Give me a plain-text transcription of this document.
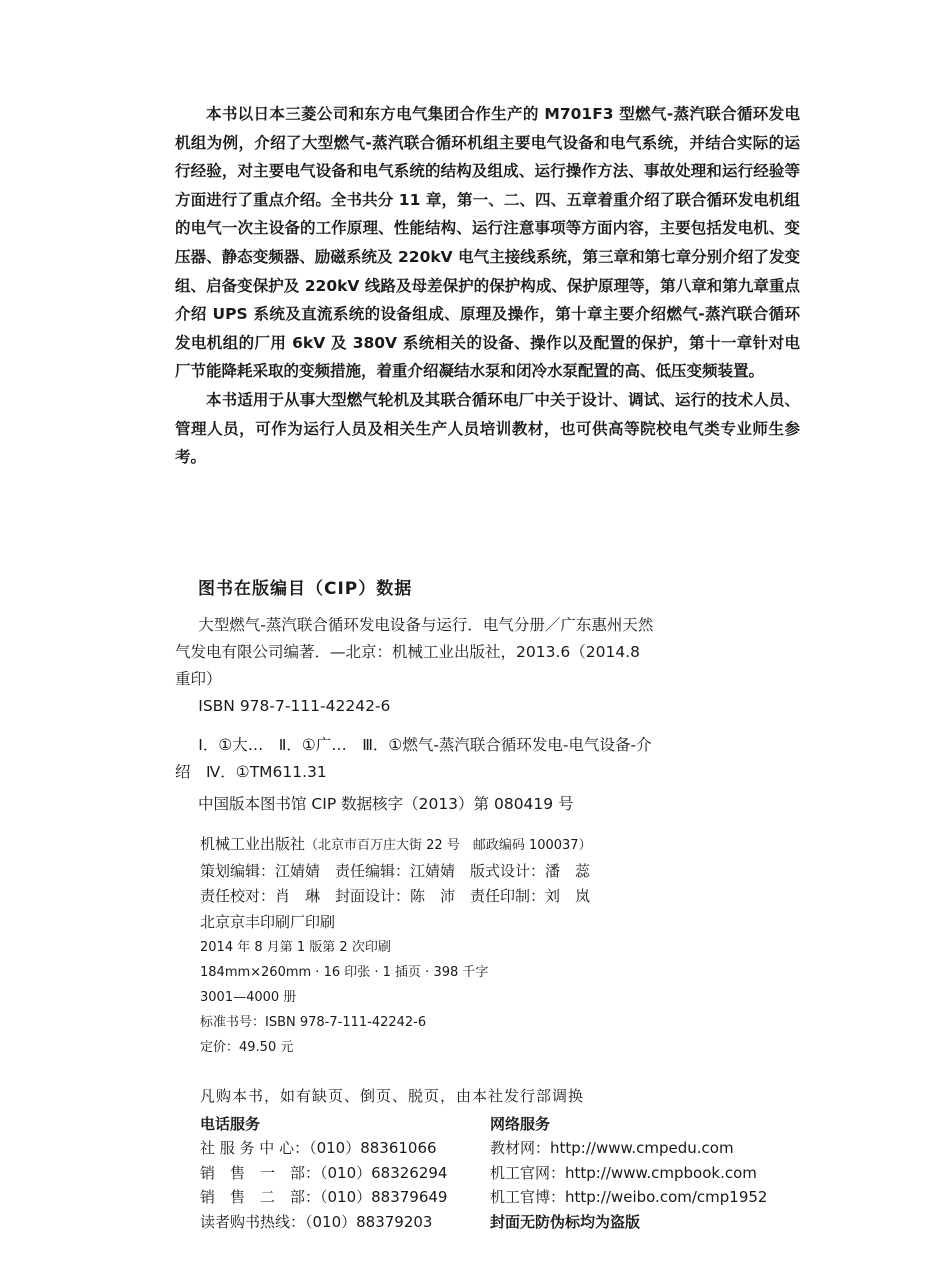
本书以日本三菱公司和东方电气集团合作生产的 M701F3 型燃气-蒸汽联合循环发电机组为例，介绍了大型燃气-蒸汽联合循环机组主要电气设备和电气系统，并结合实际的运行经验，对主要电气设备和电气系统的结构及组成、运行操作方法、事故处理和运行经验等方面进行了重点介绍。全书共分 11 章，第一、二、四、五章着重介绍了联合循环发电机组的电气一次主设备的工作原理、性能结构、运行注意事项等方面内容，主要包括发电机、变压器、静态变频器、励磁系统及 220kV 电气主接线系统，第三章和第七章分别介绍了发变组、启备变保护及 220kV 线路及母差保护的保护构成、保护原理等，第八章和第九章重点介绍 UPS 系统及直流系统的设备组成、原理及操作，第十章主要介绍燃气-蒸汽联合循环发电机组的厂用 6kV 及 380V 系统相关的设备、操作以及配置的保护，第十一章针对电厂节能降耗采取的变频措施，着重介绍凝结水泵和闭冷水泵配置的高、低压变频装置。

本书适用于从事大型燃气轮机及其联合循环电厂中关于设计、调试、运行的技术人员、管理人员，可作为运行人员及相关生产人员培训教材，也可供高等院校电气类专业师生参考。

图书在版编目（CIP）数据

大型燃气-蒸汽联合循环发电设备与运行．电气分册／广东惠州天然气发电有限公司编著．—北京：机械工业出版社，2013.6（2014.8 重印）

ISBN 978-7-111-42242-6

Ⅰ．①大…　Ⅱ．①广…　Ⅲ．①燃气-蒸汽联合循环发电-电气设备-介绍　Ⅳ．①TM611.31

中国版本图书馆 CIP 数据核字（2013）第 080419 号

机械工业出版社（北京市百万庄大街 22 号　邮政编码 100037）

策划编辑：江婧婧　责任编辑：江婧婧　版式设计：潘　蕊

责任校对：肖　琳　封面设计：陈　沛　责任印制：刘　岚

北京京丰印刷厂印刷

2014 年 8 月第 1 版第 2 次印刷

184mm×260mm · 16 印张 · 1 插页 · 398 千字

3001—4000 册

标准书号：ISBN 978-7-111-42242-6

定价：49.50 元

凡购本书，如有缺页、倒页、脱页，由本社发行部调换

电话服务	网络服务
社 服 务 中 心：（010）88361066	教材网：http://www.cmpedu.com
销　售　一　部：（010）68326294	机工官网：http://www.cmpbook.com
销　售　二　部：（010）88379649	机工官博：http://weibo.com/cmp1952
读者购书热线：（010）88379203	封面无防伪标均为盗版
